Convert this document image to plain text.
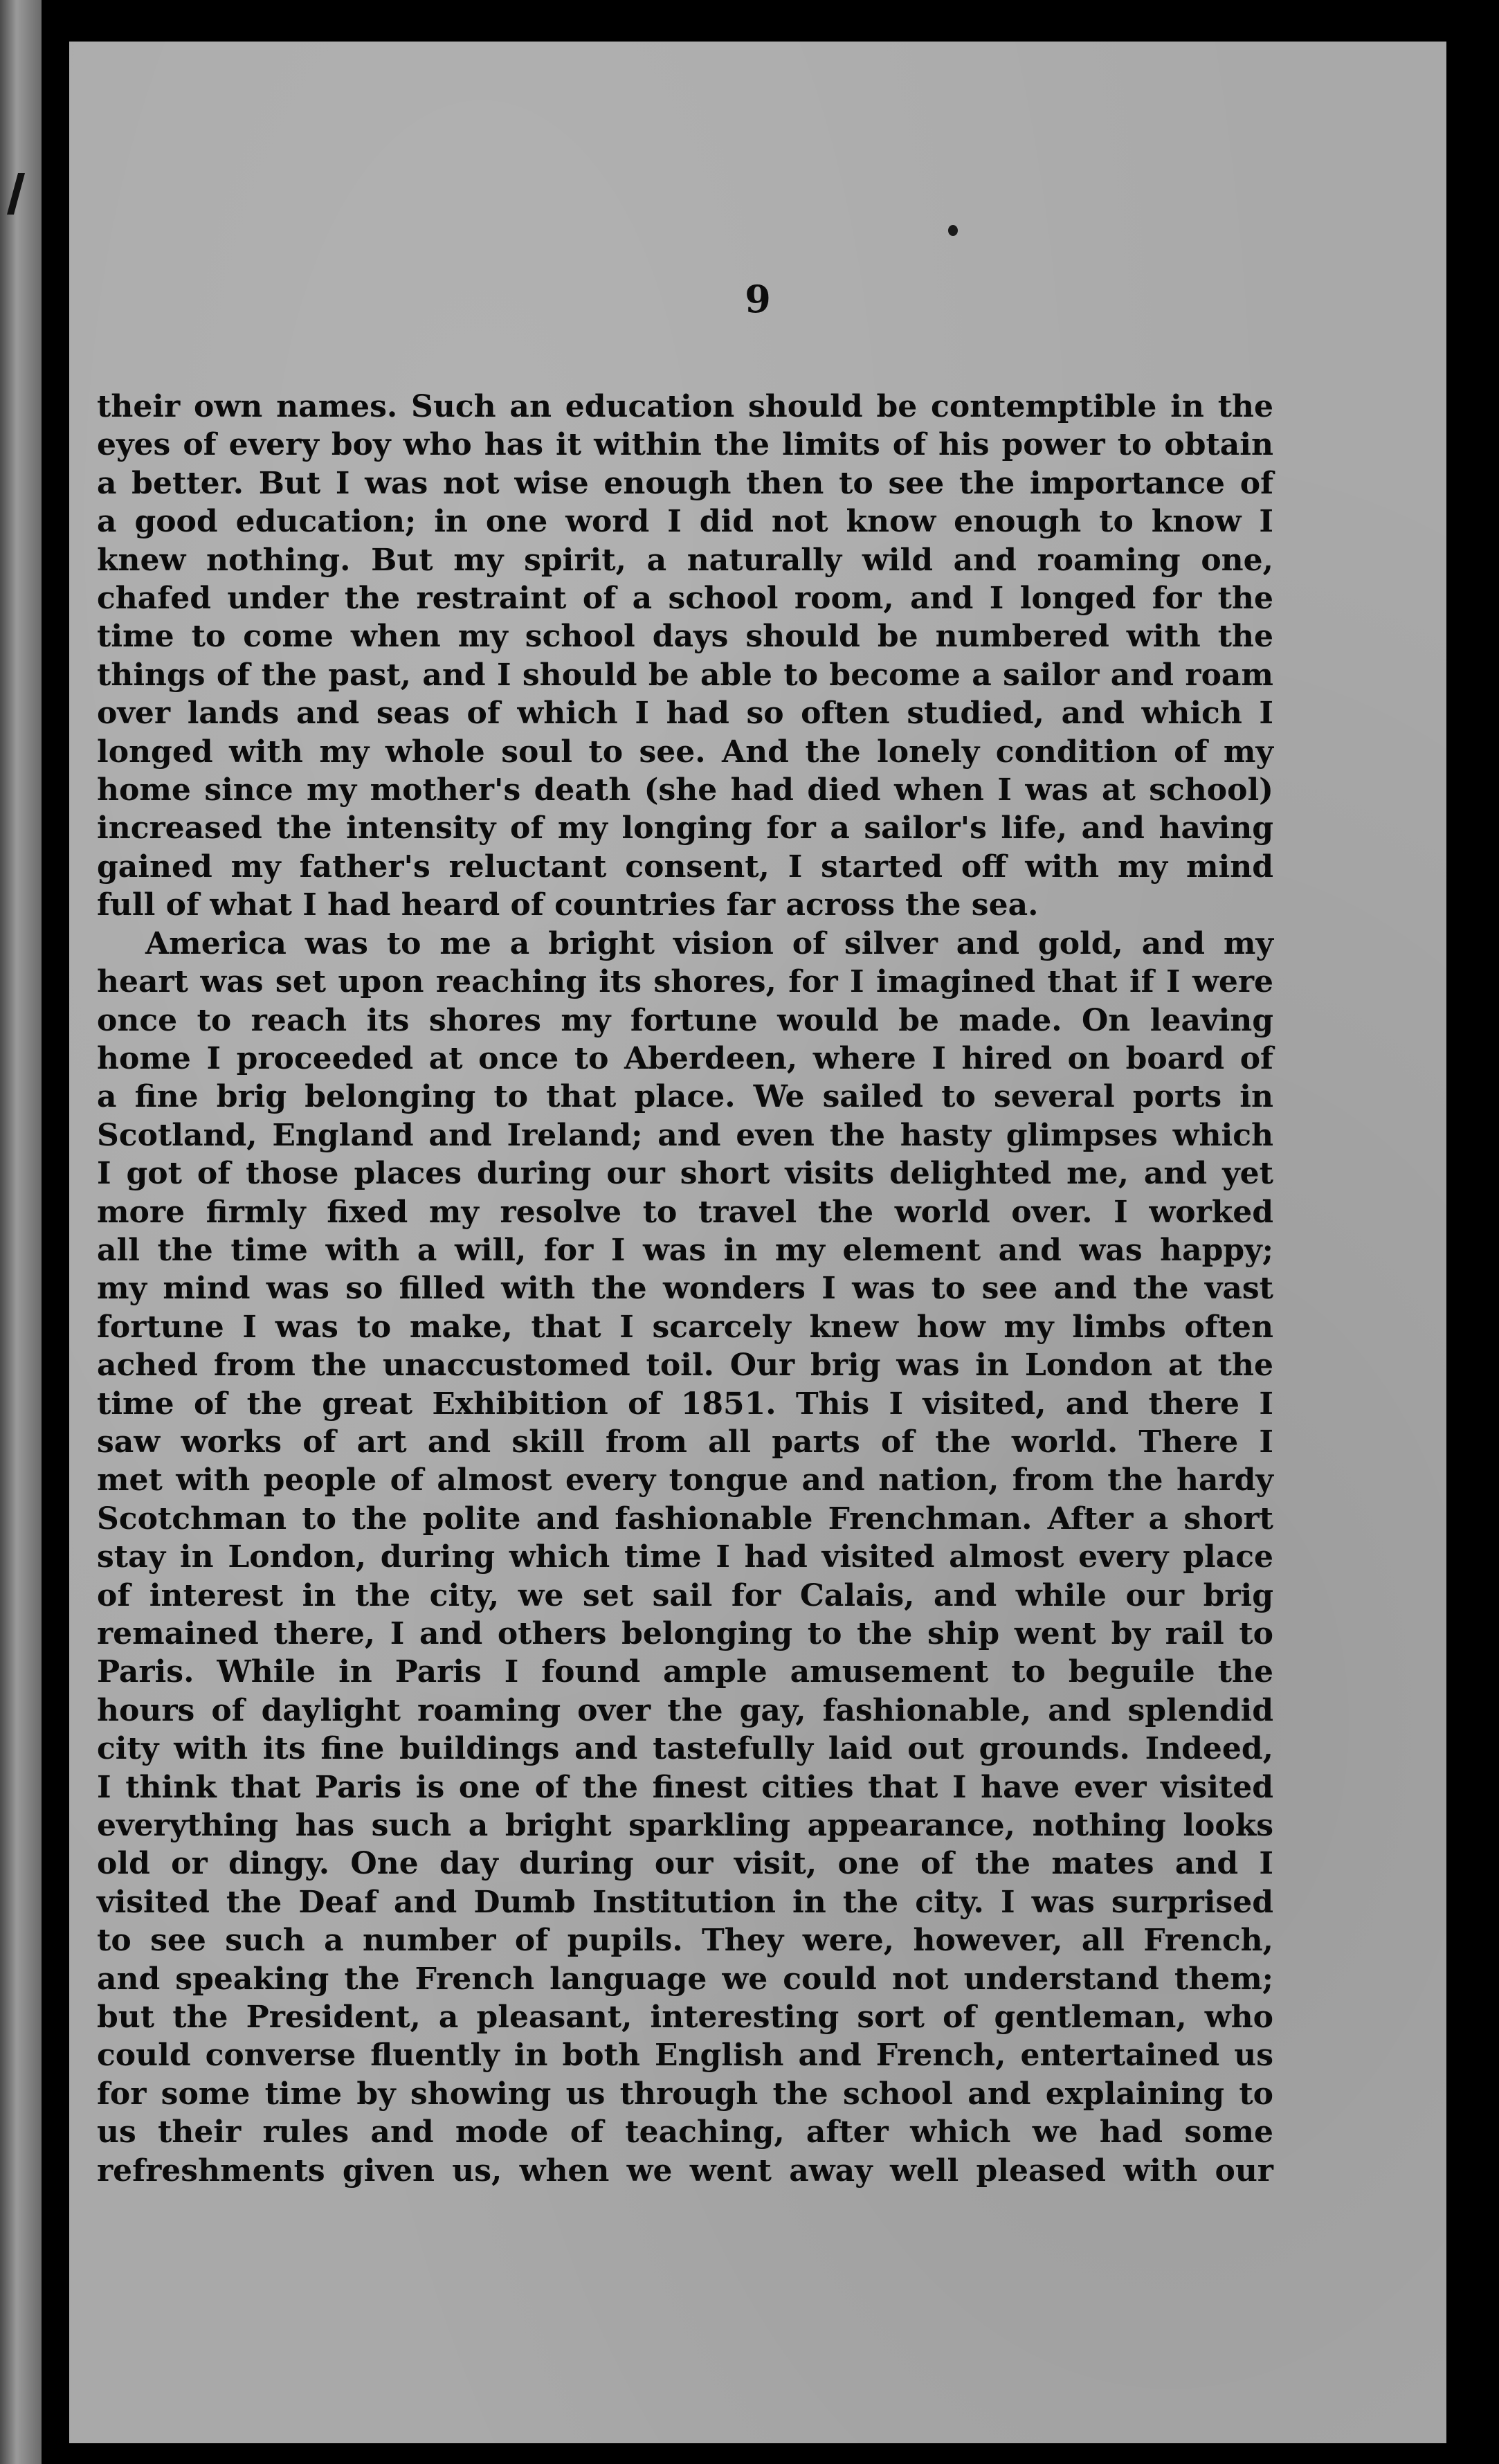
9
their own names. Such an education should be contemptible in the
eyes of every boy who has it within the limits of his power to obtain
a better. But I was not wise enough then to see the importance of
a good education; in one word I did not know enough to know I
knew nothing. But my spirit, a naturally wild and roaming one,
chafed under the restraint of a school room, and I longed for the
time to come when my school days should be numbered with the
things of the past, and I should be able to become a sailor and roam
over lands and seas of which I had so often studied, and which I
longed with my whole soul to see. And the lonely condition of my
home since my mother's death (she had died when I was at school)
increased the intensity of my longing for a sailor's life, and having
gained my father's reluctant consent, I started off with my mind
full of what I had heard of countries far across the sea.
America was to me a bright vision of silver and gold, and my
heart was set upon reaching its shores, for I imagined that if I were
once to reach its shores my fortune would be made. On leaving
home I proceeded at once to Aberdeen, where I hired on board of
a fine brig belonging to that place. We sailed to several ports in
Scotland, England and Ireland; and even the hasty glimpses which
I got of those places during our short visits delighted me, and yet
more firmly fixed my resolve to travel the world over. I worked
all the time with a will, for I was in my element and was happy;
my mind was so filled with the wonders I was to see and the vast
fortune I was to make, that I scarcely knew how my limbs often
ached from the unaccustomed toil. Our brig was in London at the
time of the great Exhibition of 1851. This I visited, and there I
saw works of art and skill from all parts of the world. There I
met with people of almost every tongue and nation, from the hardy
Scotchman to the polite and fashionable Frenchman. After a short
stay in London, during which time I had visited almost every place
of interest in the city, we set sail for Calais, and while our brig
remained there, I and others belonging to the ship went by rail to
Paris. While in Paris I found ample amusement to beguile the
hours of daylight roaming over the gay, fashionable, and splendid
city with its fine buildings and tastefully laid out grounds. Indeed,
I think that Paris is one of the finest cities that I have ever visited
everything has such a bright sparkling appearance, nothing looks
old or dingy. One day during our visit, one of the mates and I
visited the Deaf and Dumb Institution in the city. I was surprised
to see such a number of pupils. They were, however, all French,
and speaking the French language we could not understand them;
but the President, a pleasant, interesting sort of gentleman, who
could converse fluently in both English and French, entertained us
for some time by showing us through the school and explaining to
us their rules and mode of teaching, after which we had some
refreshments given us, when we went away well pleased with our
